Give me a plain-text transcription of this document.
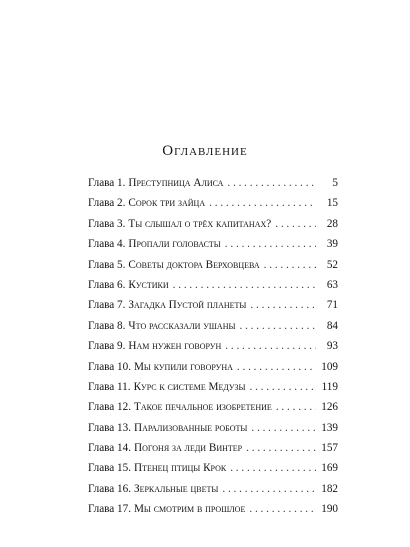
Оглавление
Глава 1. Преступница Алиса . . .	5
Глава 2. Сорок три зайца . . .	15
Глава 3. Ты слышал о трёх капитанах? . . .	28
Глава 4. Пропали головасты . . .	39
Глава 5. Советы доктора Верховцева . . .	52
Глава 6. Кустики . . .	63
Глава 7. Загадка Пустой планеты . . .	71
Глава 8. Что рассказали ушаны . . .	84
Глава 9. Нам нужен говорун . . .	93
Глава 10. Мы купили говоруна . . .	109
Глава 11. Курс к системе Медузы . . .	119
Глава 12. Такое печальное изобретение . . .	126
Глава 13. Парализованные роботы . . .	139
Глава 14. Погоня за леди Винтер . . .	157
Глава 15. Птенец птицы Крок . . .	169
Глава 16. Зеркальные цветы . . .	182
Глава 17. Мы смотрим в прошлое . . .	190
